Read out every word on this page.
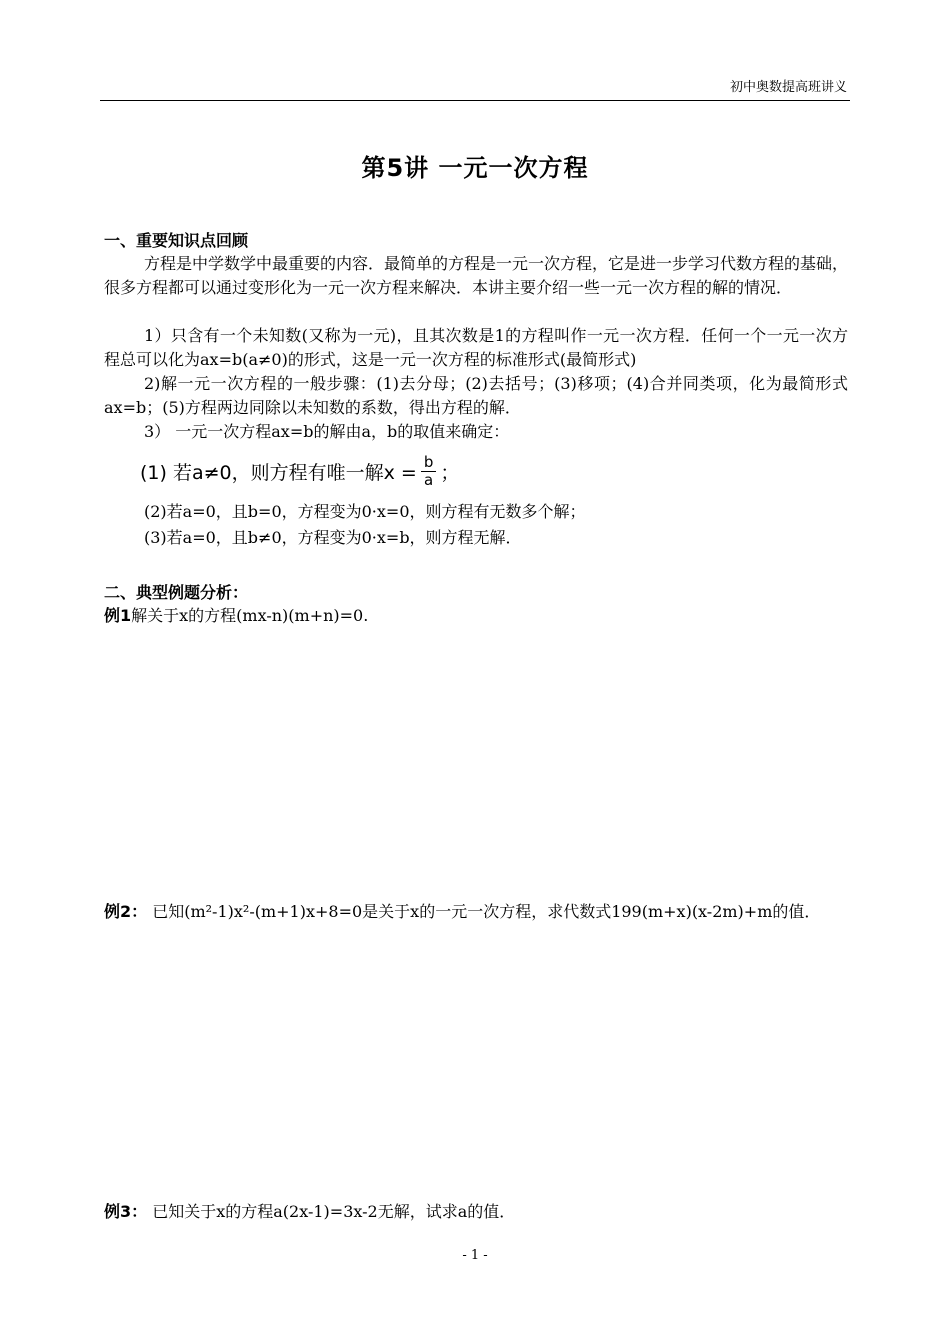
初中奥数提高班讲义
第5讲 一元一次方程
一、重要知识点回顾
方程是中学数学中最重要的内容．最简单的方程是一元一次方程，它是进一步学习代数方程的基础，很多方程都可以通过变形化为一元一次方程来解决．本讲主要介绍一些一元一次方程的解的情况．
1）只含有一个未知数(又称为一元)，且其次数是1的方程叫作一元一次方程．任何一个一元一次方程总可以化为ax=b(a≠0)的形式，这是一元一次方程的标准形式(最简形式)
2)解一元一次方程的一般步骤：(1)去分母；(2)去括号；(3)移项；(4)合并同类项，化为最简形式ax=b；(5)方程两边同除以未知数的系数，得出方程的解．
3） 一元一次方程ax=b的解由a，b的取值来确定：
(1) 若a≠0，则方程有唯一解$x = \frac{b}{a}$ ；
(2)若a=0，且b=0，方程变为0·x=0，则方程有无数多个解；
(3)若a=0，且b≠0，方程变为0·x=b，则方程无解．
二、典型例题分析：
例1解关于x的方程(mx-n)(m+n)=0.
例2： 已知(m²-1)x²-(m+1)x+8=0是关于x的一元一次方程，求代数式199(m+x)(x-2m)+m的值．
例3： 已知关于x的方程a(2x-1)=3x-2无解，试求a的值．
- 1 -
